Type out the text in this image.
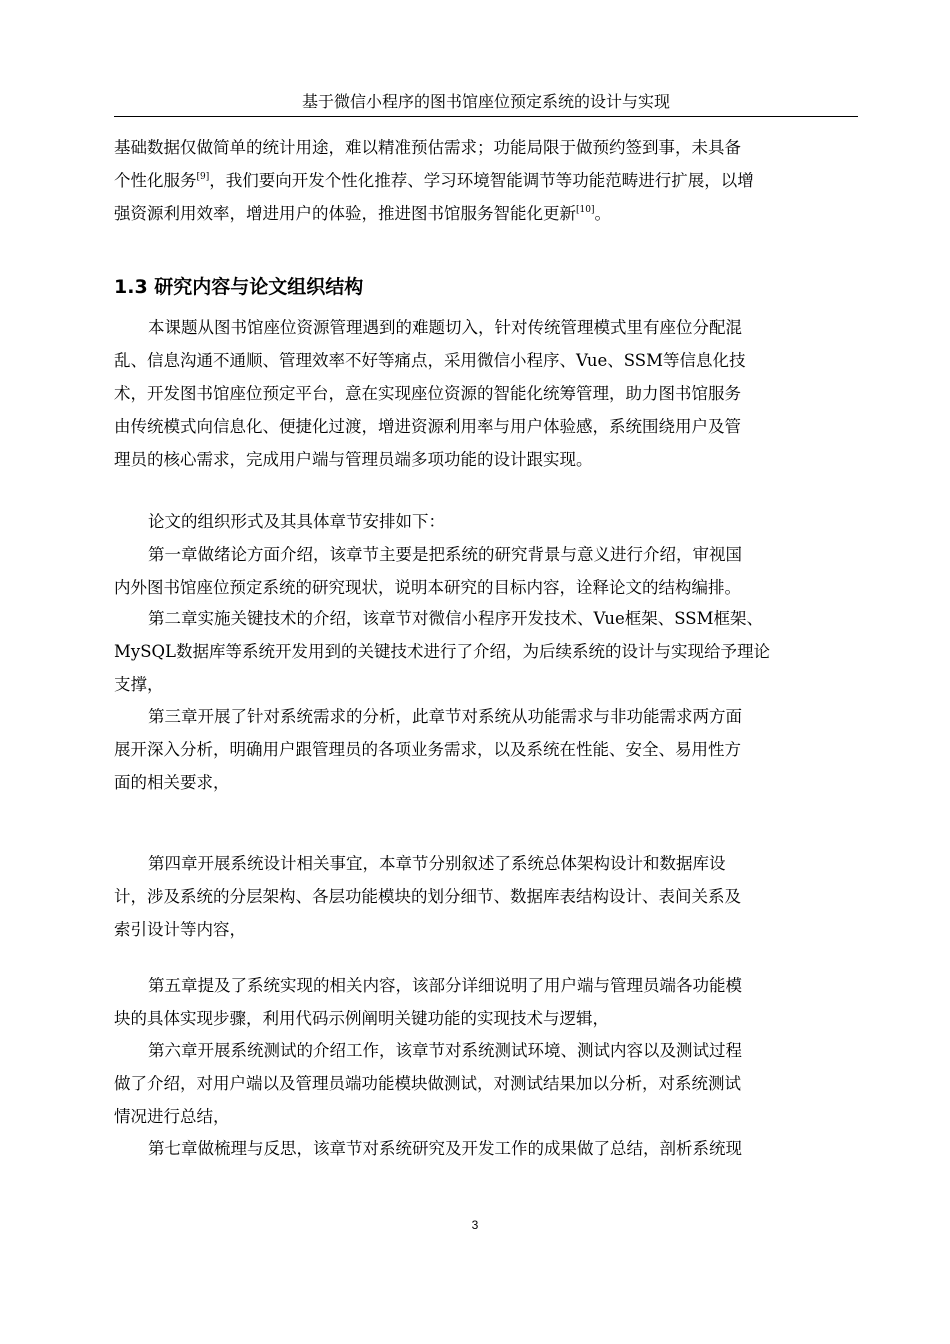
基于微信小程序的图书馆座位预定系统的设计与实现
基础数据仅做简单的统计用途，难以精准预估需求；功能局限于做预约签到事，未具备
个性化服务[9]，我们要向开发个性化推荐、学习环境智能调节等功能范畴进行扩展，以增
强资源利用效率，增进用户的体验，推进图书馆服务智能化更新[10]。
1.3 研究内容与论文组织结构
本课题从图书馆座位资源管理遇到的难题切入，针对传统管理模式里有座位分配混
乱、信息沟通不通顺、管理效率不好等痛点，采用微信小程序、Vue、SSM等信息化技
术，开发图书馆座位预定平台，意在实现座位资源的智能化统筹管理，助力图书馆服务
由传统模式向信息化、便捷化过渡，增进资源利用率与用户体验感，系统围绕用户及管
理员的核心需求，完成用户端与管理员端多项功能的设计跟实现。
论文的组织形式及其具体章节安排如下：
第一章做绪论方面介绍，该章节主要是把系统的研究背景与意义进行介绍，审视国
内外图书馆座位预定系统的研究现状，说明本研究的目标内容，诠释论文的结构编排。
第二章实施关键技术的介绍，该章节对微信小程序开发技术、Vue框架、SSM框架、
MySQL数据库等系统开发用到的关键技术进行了介绍，为后续系统的设计与实现给予理论
支撑，
第三章开展了针对系统需求的分析，此章节对系统从功能需求与非功能需求两方面
展开深入分析，明确用户跟管理员的各项业务需求，以及系统在性能、安全、易用性方
面的相关要求，
第四章开展系统设计相关事宜，本章节分别叙述了系统总体架构设计和数据库设
计，涉及系统的分层架构、各层功能模块的划分细节、数据库表结构设计、表间关系及
索引设计等内容，
第五章提及了系统实现的相关内容，该部分详细说明了用户端与管理员端各功能模
块的具体实现步骤，利用代码示例阐明关键功能的实现技术与逻辑，
第六章开展系统测试的介绍工作，该章节对系统测试环境、测试内容以及测试过程
做了介绍，对用户端以及管理员端功能模块做测试，对测试结果加以分析，对系统测试
情况进行总结，
第七章做梳理与反思，该章节对系统研究及开发工作的成果做了总结，剖析系统现
3
